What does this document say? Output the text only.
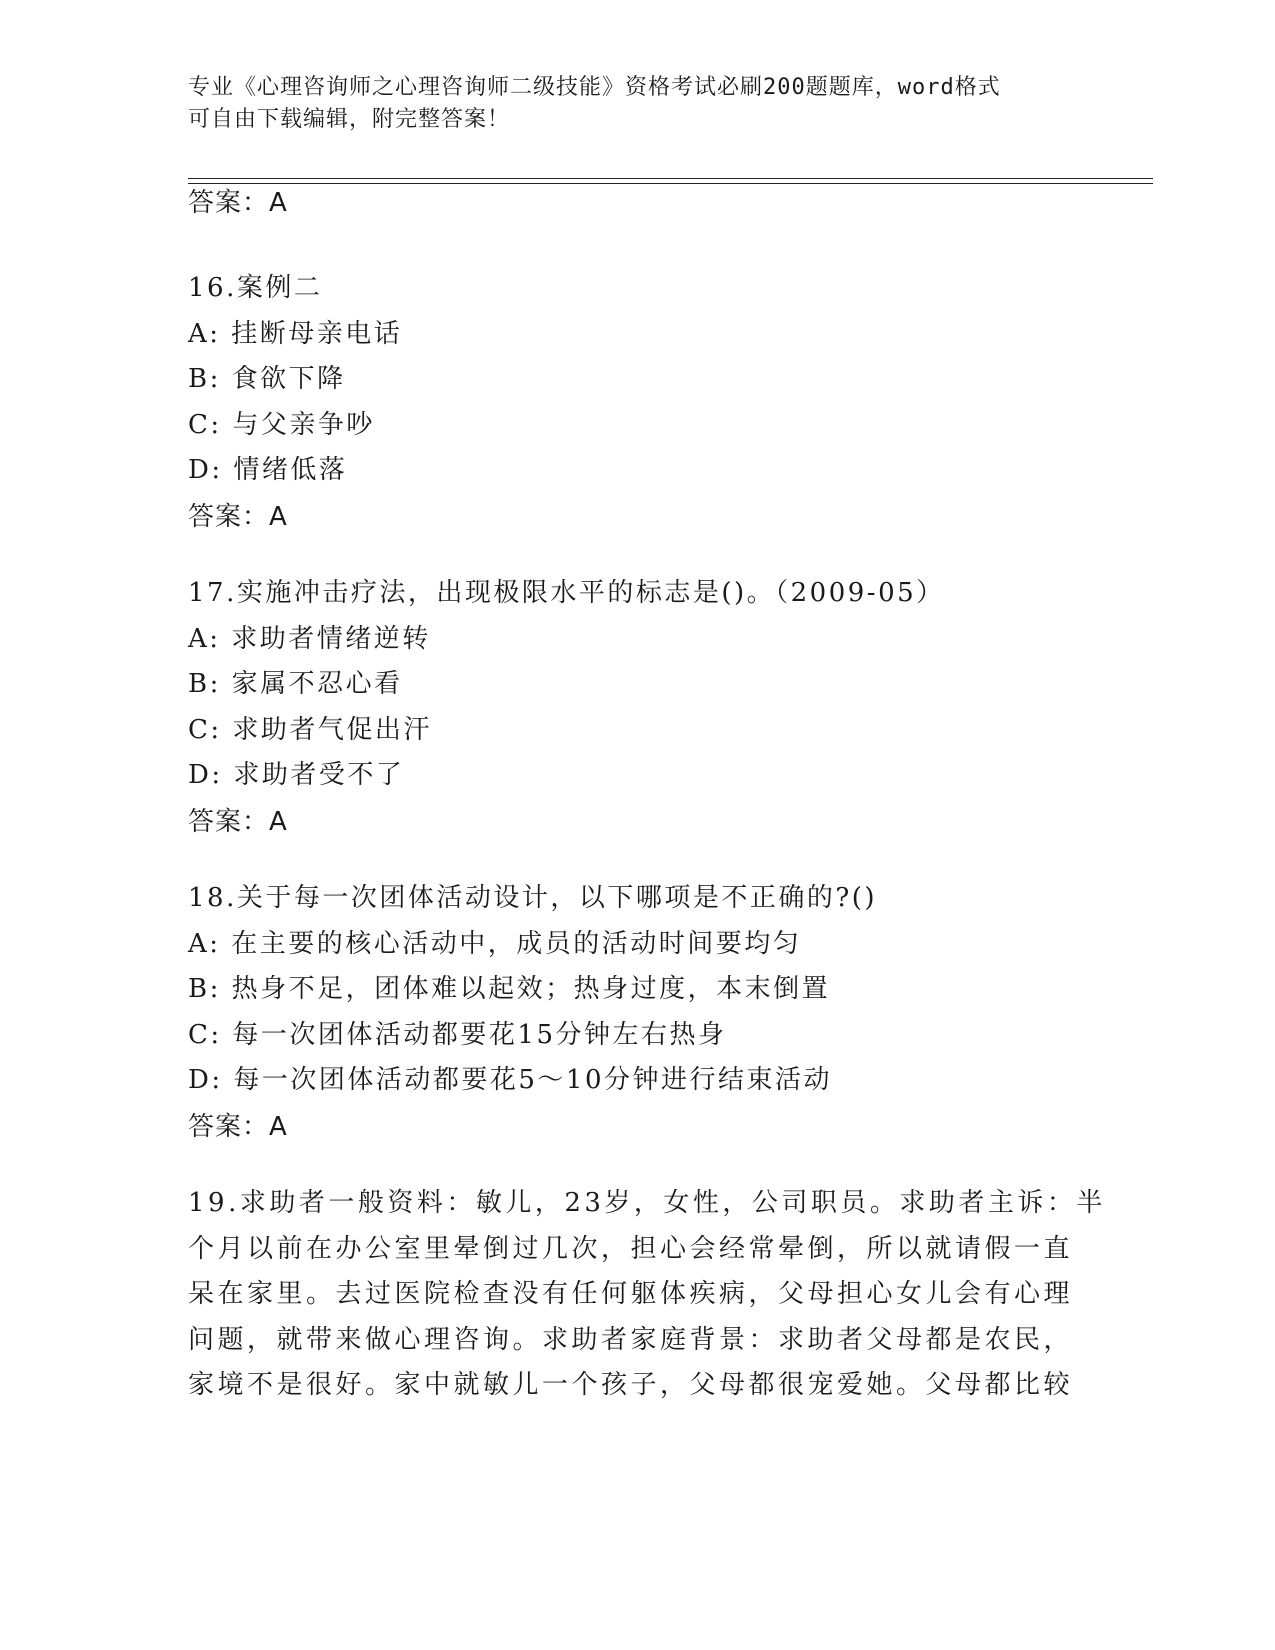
专业《心理咨询师之心理咨询师二级技能》资格考试必刷200题题库，word格式
可自由下载编辑，附完整答案！
答案：A
16.案例二
A: 挂断母亲电话
B: 食欲下降
C: 与父亲争吵
D: 情绪低落
答案：A
17.实施冲击疗法，出现极限水平的标志是()。（2009-05）
A: 求助者情绪逆转
B: 家属不忍心看
C: 求助者气促出汗
D: 求助者受不了
答案：A
18.关于每一次团体活动设计，以下哪项是不正确的?()
A: 在主要的核心活动中，成员的活动时间要均匀
B: 热身不足，团体难以起效；热身过度，本末倒置
C: 每一次团体活动都要花15分钟左右热身
D: 每一次团体活动都要花5～10分钟进行结束活动
答案：A
19.求助者一般资料：敏儿，23岁，女性，公司职员。求助者主诉：半
个月以前在办公室里晕倒过几次，担心会经常晕倒，所以就请假一直
呆在家里。去过医院检查没有任何躯体疾病，父母担心女儿会有心理
问题，就带来做心理咨询。求助者家庭背景：求助者父母都是农民，
家境不是很好。家中就敏儿一个孩子，父母都很宠爱她。父母都比较
